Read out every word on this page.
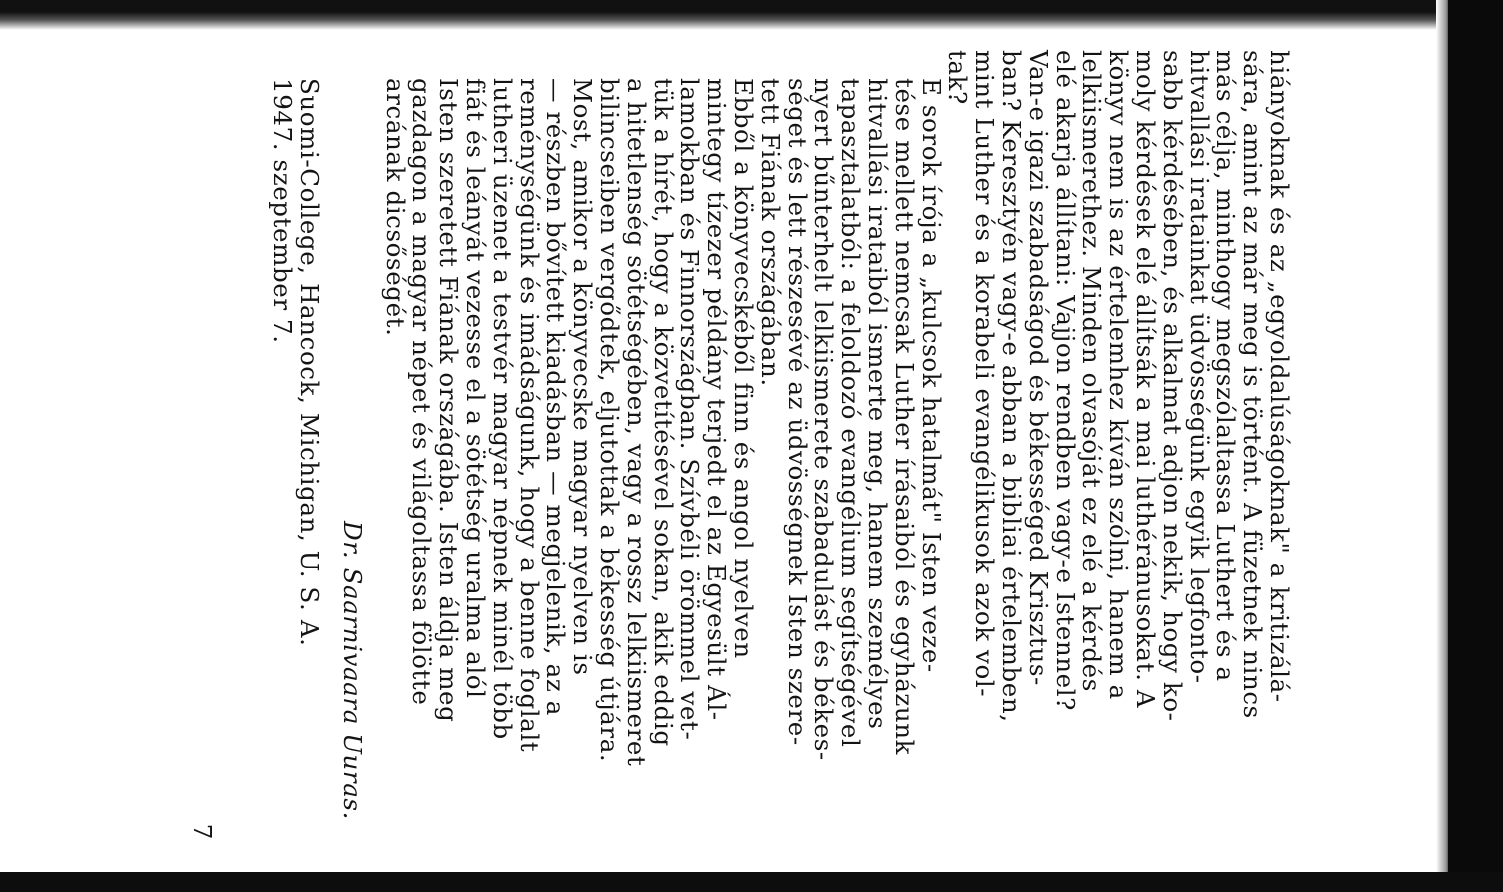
hiányoknak és az „egyoldalúságoknak" a kritizálá-
sára, amint az már meg is történt. A füzetnek nincs
más célja, minthogy megszólaltassa Luthert és a
hitvallási iratainkat üdvösségünk egyik legfonto-
sabb kérdésében, és alkalmat adjon nekik, hogy ko-
moly kérdések elé állítsák a mai luthéránusokat. A
könyv nem is az értelemhez kíván szólni, hanem a
lelkiismerethez. Minden olvasóját ez elé a kérdés
elé akarja állítani: Vajjon rendben vagy-e Istennel?
Van-e igazi szabadságod és békességed Krisztus-
ban? Keresztyén vagy-e abban a bibliai értelemben,
mint Luther és a korabeli evangélikusok azok vol-
tak?
E sorok írója a „kulcsok hatalmát" Isten veze-
tése mellett nemcsak Luther írásaiból és egyházunk
hitvallási irataiból ismerte meg, hanem személyes
tapasztalatból: a feloldozó evangélium segítségével
nyert bűnterhelt lelkiismerete szabadulást és békes-
séget és lett részesévé az üdvösségnek Isten szere-
tett Fiának országában.
Ebből a könyvecskéből finn és angol nyelven
mintegy tízezer példány terjedt el az Egyesült Ál-
lamokban és Finnországban. Szívbéli örömmel vet-
tük a hírét, hogy a közvetítésével sokan, akik eddig
a hitetlenség sötétségében, vagy a rossz lelkiismeret
bilincseiben vergődtek, eljutottak a békesség útjára.
Most, amikor a könyvecske magyar nyelven is
— részben bővített kiadásban — megjelenik, az a
reménységünk és imádságunk, hogy a benne foglalt
lutheri üzenet a testvér magyar népnek minél több
fiát és leányát vezesse el a sötétség uralma alól
Isten szeretett Fiának országába. Isten áldja meg
gazdagon a magyar népet és világoltassa fölötte
arcának dicsőségét.

Dr. Saarnivaara Uuras.

Suomi-College, Hancock, Michigan, U. S. A.
1947. szeptember 7.
7
